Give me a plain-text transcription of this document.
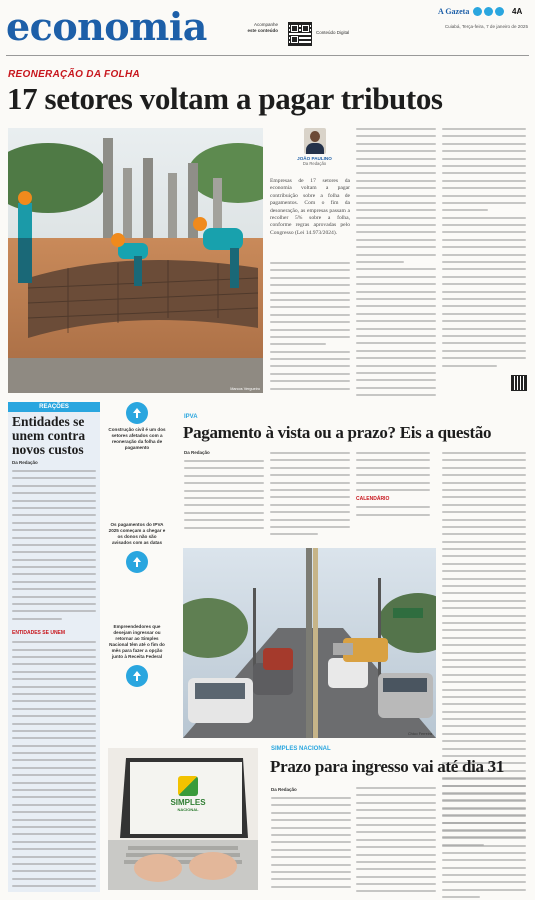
economia	Acompanhe
este conteúdo	Conteúdo Digital
A Gazeta	4A
Cuiabá, Terça-feira, 7 de janeiro de 2025
REONERAÇÃO DA FOLHA
17 setores voltam a pagar tributos
Marcos Vergueiro
JOÃO PAULINO
Da Redação

Empresas de 17 setores da economia voltam a pagar contribuição sobre a folha de pagamentos. Com o fim da desoneração, as empresas passam a recolher 5% sobre a folha, conforme regras aprovadas pelo Congresso (Lei 14.973/2024).

REAÇÕES
Entidades se unem contra novos custos
Da Redação
ENTIDADES SE UNEM
Construção civil é um dos setores afetados com a reoneração da folha de pagamento
Os pagamentos do IPVA 2025 começam a chegar e os donos não são avisados com as datas
Empreendedores que desejam ingressar ou retornar ao Simples Nacional têm até o fim do mês para fazer a opção junto à Receita Federal
IPVA
Pagamento à vista ou a prazo? Eis a questão
Da Redação
CALENDÁRIO
Chico Ferreira
SIMPLES
NACIONAL
SIMPLES NACIONAL
Prazo para ingresso vai até dia 31
Da Redação
